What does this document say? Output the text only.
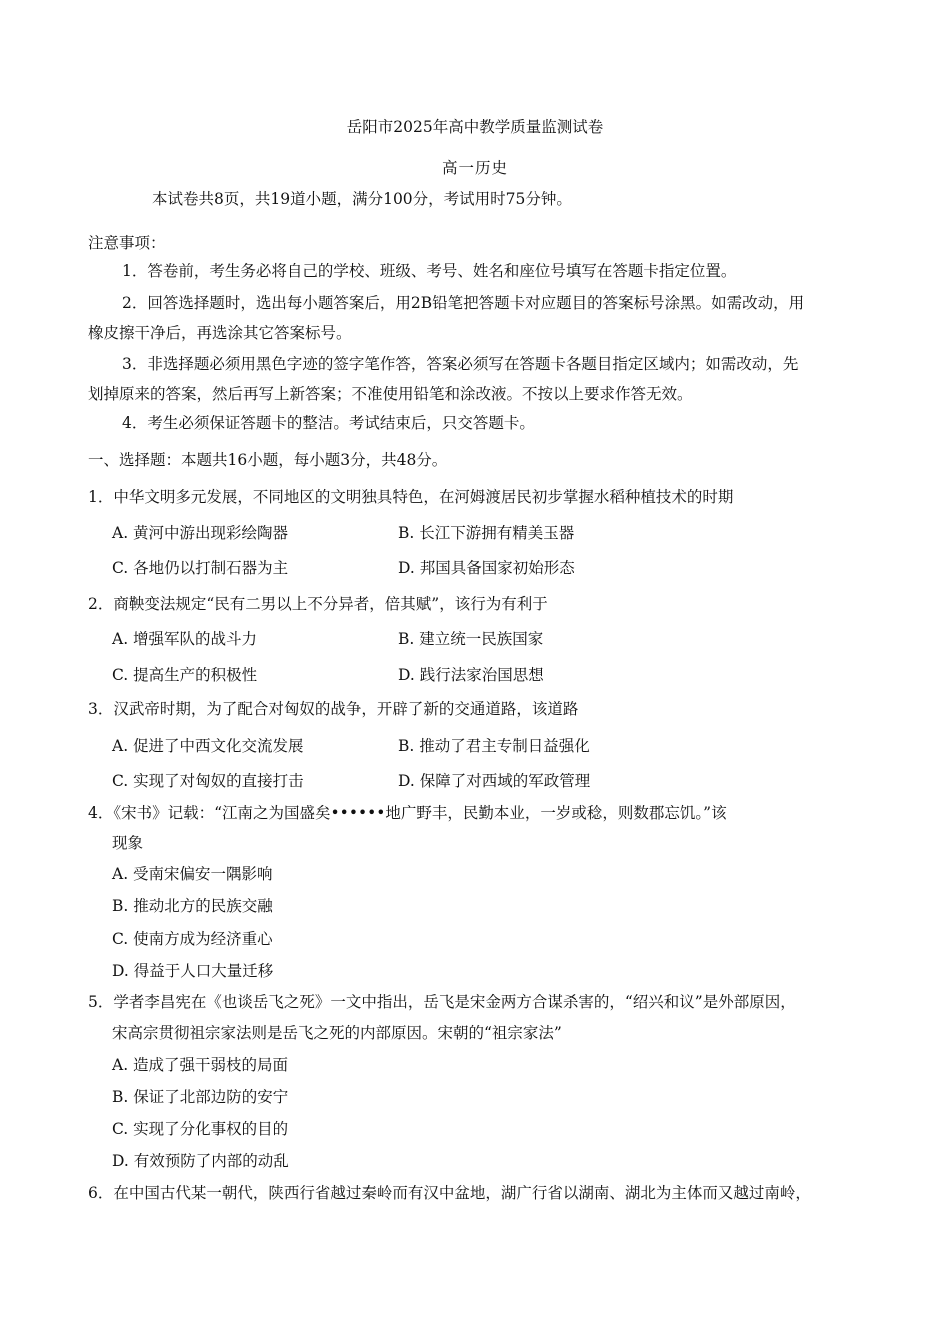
岳阳市2025年高中教学质量监测试卷
高一历史
本试卷共8页，共19道小题，满分100分，考试用时75分钟。
注意事项：
1．答卷前，考生务必将自己的学校、班级、考号、姓名和座位号填写在答题卡指定位置。
2．回答选择题时，选出每小题答案后，用2B铅笔把答题卡对应题目的答案标号涂黑。如需改动，用
橡皮擦干净后，再选涂其它答案标号。
3．非选择题必须用黑色字迹的签字笔作答，答案必须写在答题卡各题目指定区域内；如需改动，先
划掉原来的答案，然后再写上新答案；不准使用铅笔和涂改液。不按以上要求作答无效。
4．考生必须保证答题卡的整洁。考试结束后，只交答题卡。
一、选择题：本题共16小题，每小题3分，共48分。
1．中华文明多元发展，不同地区的文明独具特色，在河姆渡居民初步掌握水稻种植技术的时期
A. 黄河中游出现彩绘陶器	B. 长江下游拥有精美玉器
C. 各地仍以打制石器为主	D. 邦国具备国家初始形态
2．商鞅变法规定“民有二男以上不分异者，倍其赋”，该行为有利于
A. 增强军队的战斗力	B. 建立统一民族国家
C. 提高生产的积极性	D. 践行法家治国思想
3．汉武帝时期，为了配合对匈奴的战争，开辟了新的交通道路，该道路
A. 促进了中西文化交流发展	B. 推动了君主专制日益强化
C. 实现了对匈奴的直接打击	D. 保障了对西域的军政管理
4．《宋书》记载：“江南之为国盛矣••••••地广野丰，民勤本业，一岁或稔，则数郡忘饥。”该
现象
A. 受南宋偏安一隅影响
B. 推动北方的民族交融
C. 使南方成为经济重心
D. 得益于人口大量迁移
5．学者李昌宪在《也谈岳飞之死》一文中指出，岳飞是宋金两方合谋杀害的，“绍兴和议”是外部原因，
宋高宗贯彻祖宗家法则是岳飞之死的内部原因。宋朝的“祖宗家法”
A. 造成了强干弱枝的局面
B. 保证了北部边防的安宁
C. 实现了分化事权的目的
D. 有效预防了内部的动乱
6．在中国古代某一朝代，陕西行省越过秦岭而有汉中盆地，湖广行省以湖南、湖北为主体而又越过南岭，
